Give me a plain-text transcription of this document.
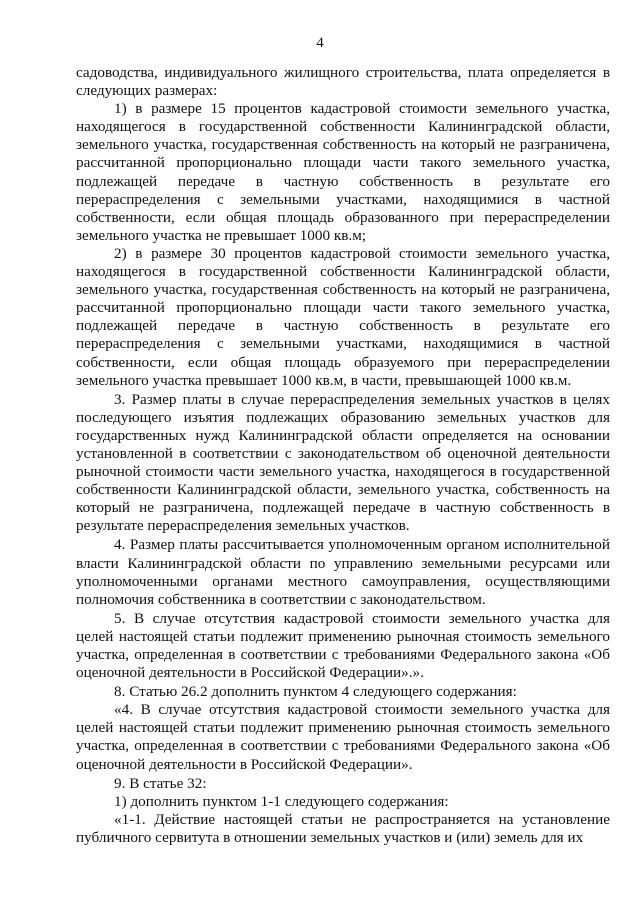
4

садоводства, индивидуального жилищного строительства, плата определяется в следующих размерах:

1) в размере 15 процентов кадастровой стоимости земельного участка, находящегося в государственной собственности Калининградской области, земельного участка, государственная собственность на который не разграничена, рассчитанной пропорционально площади части такого земельного участка, подлежащей передаче в частную собственность в результате его перераспределения с земельными участками, находящимися в частной собственности, если общая площадь образованного при перераспределении земельного участка не превышает 1000 кв.м;

2) в размере 30 процентов кадастровой стоимости земельного участка, находящегося в государственной собственности Калининградской области, земельного участка, государственная собственность на который не разграничена, рассчитанной пропорционально площади части такого земельного участка, подлежащей передаче в частную собственность в результате его перераспределения с земельными участками, находящимися в частной собственности, если общая площадь образуемого при перераспределении земельного участка превышает 1000 кв.м, в части, превышающей 1000 кв.м.

3. Размер платы в случае перераспределения земельных участков в целях последующего изъятия подлежащих образованию земельных участков для государственных нужд Калининградской области определяется на основании установленной в соответствии с законодательством об оценочной деятельности рыночной стоимости части земельного участка, находящегося в государственной собственности Калининградской области, земельного участка, собственность на который не разграничена, подлежащей передаче в частную собственность в результате перераспределения земельных участков.

4. Размер платы рассчитывается уполномоченным органом исполнительной власти Калининградской области по управлению земельными ресурсами или уполномоченными органами местного самоуправления, осуществляющими полномочия собственника в соответствии с законодательством.

5. В случае отсутствия кадастровой стоимости земельного участка для целей настоящей статьи подлежит применению рыночная стоимость земельного участка, определенная в соответствии с требованиями Федерального закона «Об оценочной деятельности в Российской Федерации».».

8. Статью 26.2 дополнить пунктом 4 следующего содержания:

«4. В случае отсутствия кадастровой стоимости земельного участка для целей настоящей статьи подлежит применению рыночная стоимость земельного участка, определенная в соответствии с требованиями Федерального закона «Об оценочной деятельности в Российской Федерации».

9. В статье 32:

1) дополнить пунктом 1-1 следующего содержания:

«1-1. Действие настоящей статьи не распространяется на установление публичного сервитута в отношении земельных участков и (или) земель для их
